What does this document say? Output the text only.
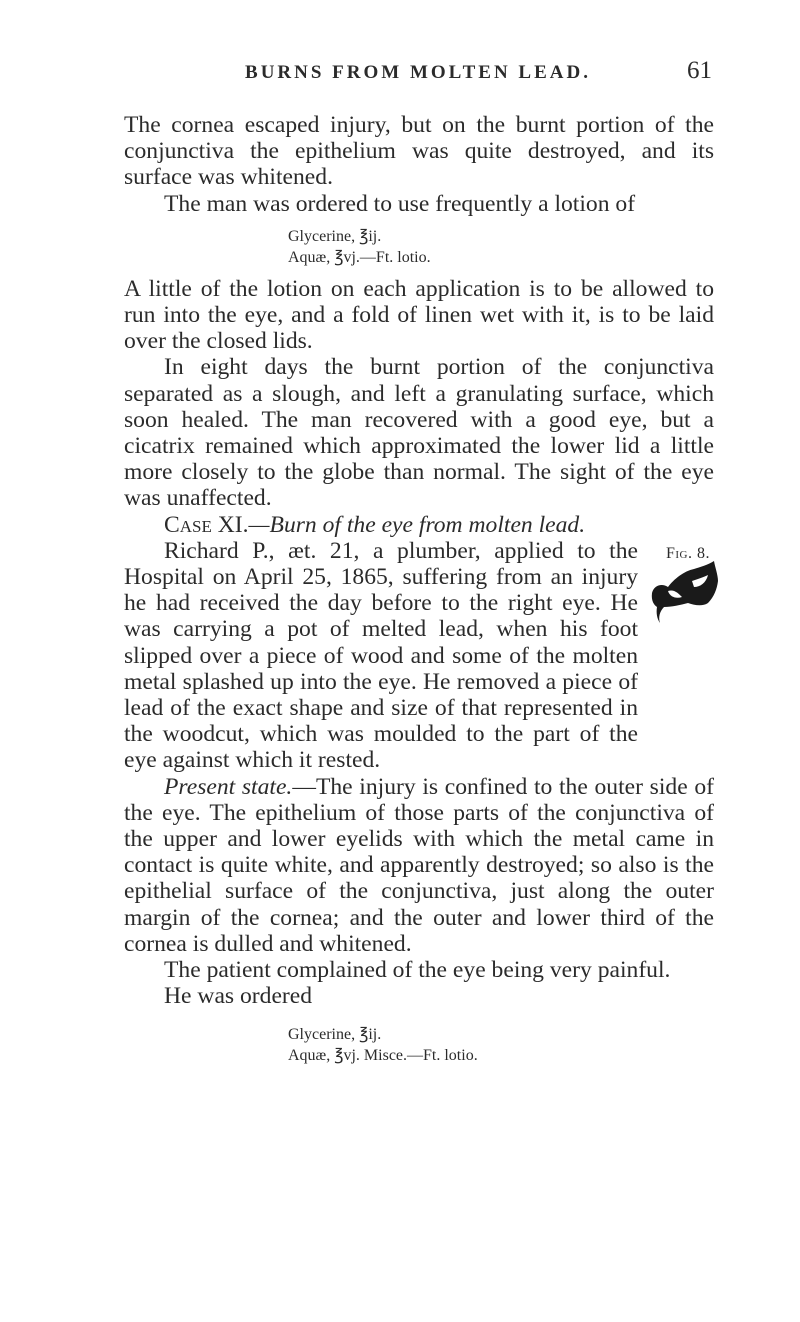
BURNS FROM MOLTEN LEAD.	61
Fig. 8.

The cornea escaped injury, but on the burnt portion of the conjunctiva the epithelium was quite destroyed, and its surface was whitened.

The man was ordered to use frequently a lotion of

Glycerine, ℥ij.
Aquæ, ℥vj.—Ft. lotio.

A little of the lotion on each application is to be allowed to run into the eye, and a fold of linen wet with it, is to be laid over the closed lids.

In eight days the burnt portion of the conjunctiva separated as a slough, and left a granulating surface, which soon healed. The man recovered with a good eye, but a cicatrix remained which approximated the lower lid a little more closely to the globe than normal. The sight of the eye was unaffected.

Case XI.—Burn of the eye from molten lead.

Richard P., æt. 21, a plumber, applied to the Hospital on April 25, 1865, suffering from an injury he had received the day before to the right eye. He was carrying a pot of melted lead, when his foot slipped over a piece of wood and some of the molten metal splashed up into the eye. He removed a piece of lead of the exact shape and size of that represented in the woodcut, which was moulded to the part of the eye against which it rested.

Present state.—The injury is confined to the outer side of the eye. The epithelium of those parts of the conjunctiva of the upper and lower eyelids with which the metal came in contact is quite white, and apparently destroyed; so also is the epithelial surface of the conjunctiva, just along the outer margin of the cornea; and the outer and lower third of the cornea is dulled and whitened.

The patient complained of the eye being very painful.

He was ordered

Glycerine, ℥ij.
Aquæ, ℥vj. Misce.—Ft. lotio.
